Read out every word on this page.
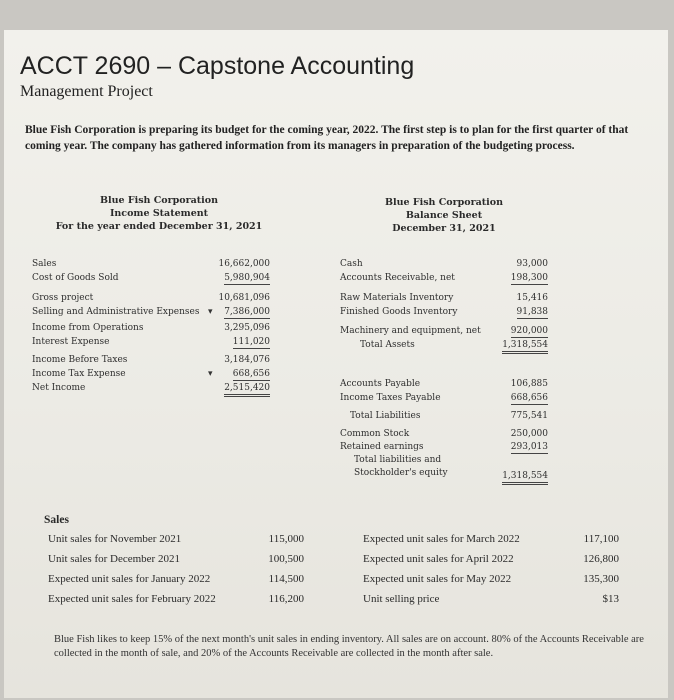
ACCT 2690 – Capstone Accounting
Management Project
Blue Fish Corporation is preparing its budget for the coming year, 2022. The first step is to plan for the first quarter of that coming year. The company has gathered information from its managers in preparation of the budgeting process.
Blue Fish Corporation
Income Statement
For the year ended December 31, 2021
Blue Fish Corporation
Balance Sheet
December 31, 2021
Sales	16,662,000
Cost of Goods Sold	5,980,904
Gross project	10,681,096
Selling and Administrative Expenses ▾	7,386,000
Income from Operations	3,295,096
Interest Expense	111,020
Income Before Taxes	3,184,076
Income Tax Expense	▾	668,656
Net Income	2,515,420
Cash	93,000
Accounts Receivable, net	198,300
Raw Materials Inventory	15,416
Finished Goods Inventory	91,838
Machinery and equipment, net	920,000
Total Assets	1,318,554
Accounts Payable	106,885
Income Taxes Payable	668,656
Total Liabilities	775,541
Common Stock	250,000
Retained earnings	293,013
Total liabilities and
Stockholder's equity	1,318,554
Sales
Unit sales for November 2021	115,000
Unit sales for December 2021	100,500
Expected unit sales for January 2022	114,500
Expected unit sales for February 2022	116,200
Expected unit sales for March 2022	117,100
Expected unit sales for April 2022	126,800
Expected unit sales for May 2022	135,300
Unit selling price	$13
Blue Fish likes to keep 15% of the next month's unit sales in ending inventory. All sales are on account. 80% of the Accounts Receivable are collected in the month of sale, and 20% of the Accounts Receivable are collected in the month after sale.
